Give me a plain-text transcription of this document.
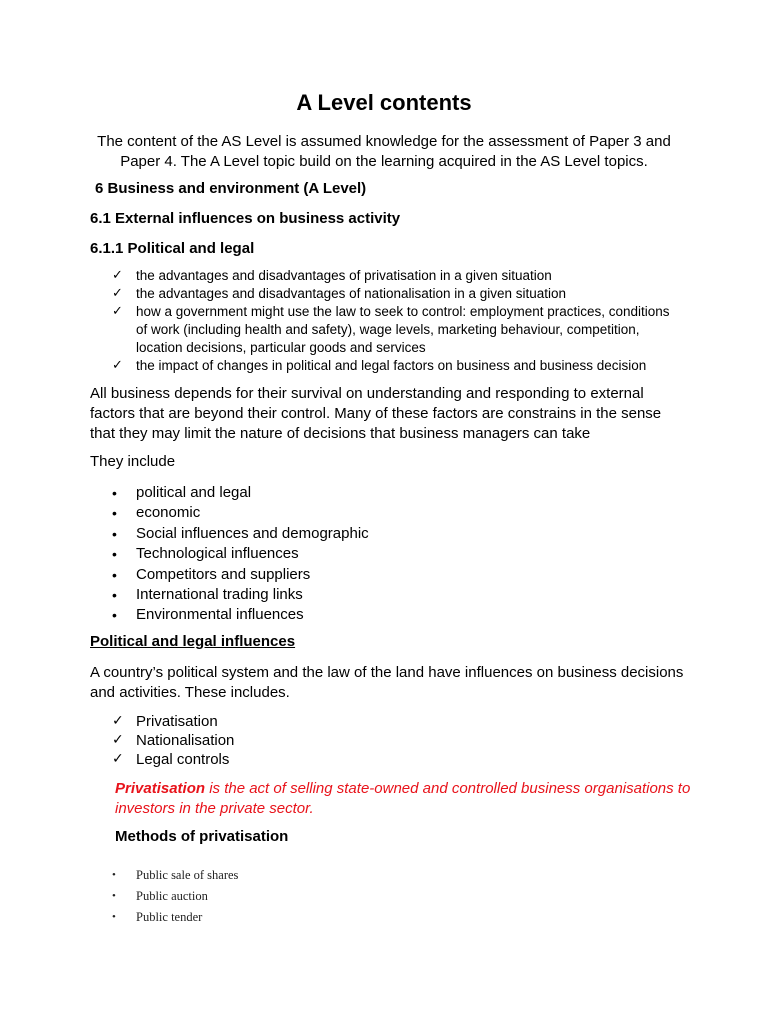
A Level contents

The content of the AS Level is assumed knowledge for the assessment of Paper 3 and Paper 4. The A Level topic build on the learning acquired in the AS Level topics.

6 Business and environment (A Level)

6.1 External influences on business activity

6.1.1 Political and legal

✓ the advantages and disadvantages of privatisation in a given situation
✓ the advantages and disadvantages of nationalisation in a given situation
✓ how a government might use the law to seek to control: employment practices, conditions of work (including health and safety), wage levels, marketing behaviour, competition, location decisions, particular goods and services
✓ the impact of changes in political and legal factors on business and business decision

All business depends for their survival on understanding and responding to external factors that are beyond their control. Many of these factors are constrains in the sense that they may limit the nature of decisions that business managers can take

They include

• political and legal
• economic
• Social influences and demographic
• Technological influences
• Competitors and suppliers
• International trading links
• Environmental influences

Political and legal influences

A country’s political system and the law of the land have influences on business decisions and activities. These includes.

✓ Privatisation
✓ Nationalisation
✓ Legal controls

Privatisation is the act of selling state-owned and controlled business organisations to investors in the private sector.

Methods of privatisation

• Public sale of shares
• Public auction
• Public tender
